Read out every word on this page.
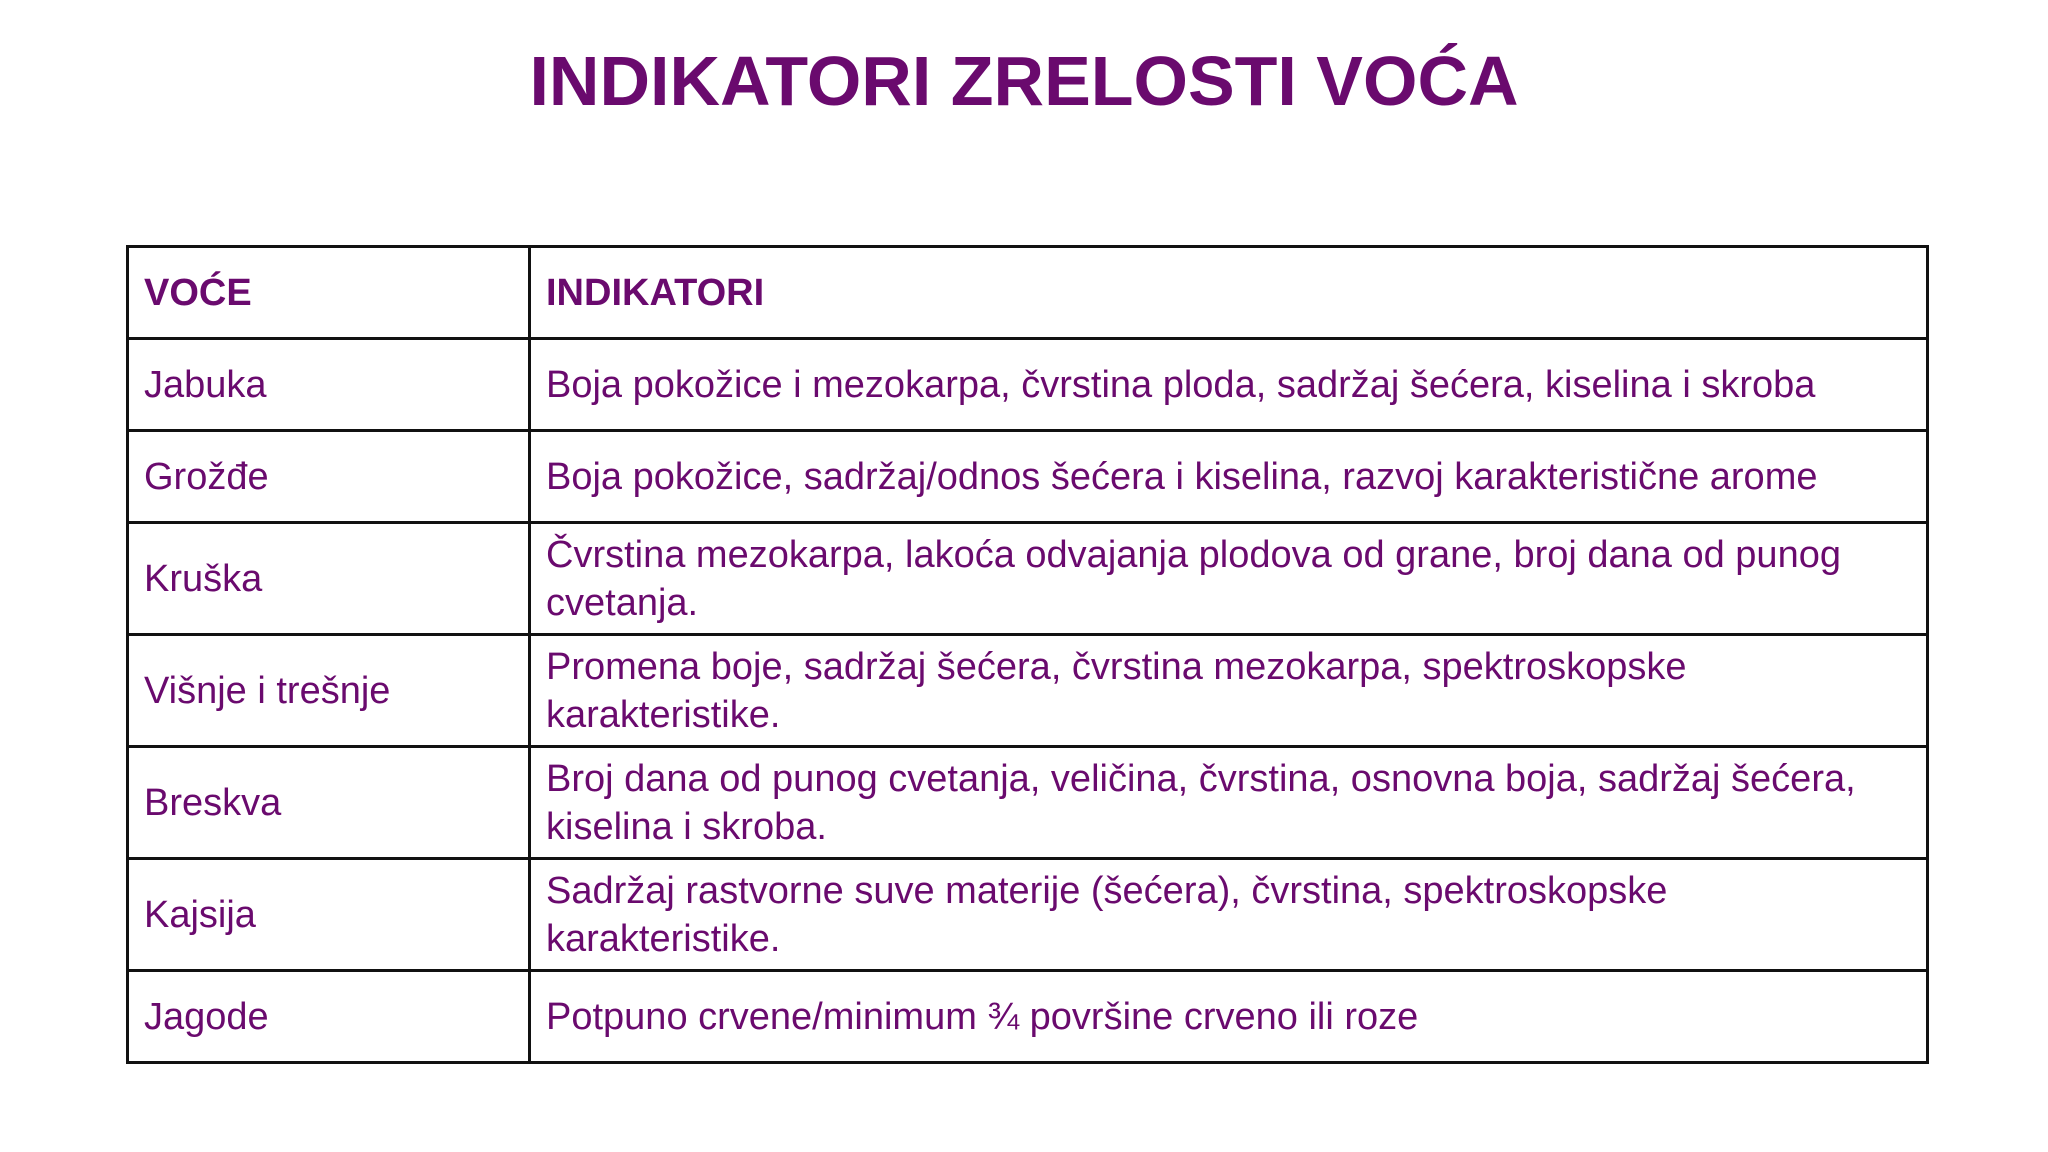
INDIKATORI ZRELOSTI VOĆA
VOĆE	INDIKATORI
Jabuka	Boja pokožice i mezokarpa, čvrstina ploda, sadržaj šećera, kiselina i skroba
Grožđe	Boja pokožice, sadržaj/odnos šećera i kiselina, razvoj karakteristične arome
Kruška	Čvrstina mezokarpa, lakoća odvajanja plodova od grane, broj dana od punog cvetanja.
Višnje i trešnje	Promena boje, sadržaj šećera, čvrstina mezokarpa, spektroskopske karakteristike.
Breskva	Broj dana od punog cvetanja, veličina, čvrstina, osnovna boja, sadržaj šećera, kiselina i skroba.
Kajsija	Sadržaj rastvorne suve materije (šećera), čvrstina, spektroskopske karakteristike.
Jagode	Potpuno crvene/minimum ¾ površine crveno ili roze
